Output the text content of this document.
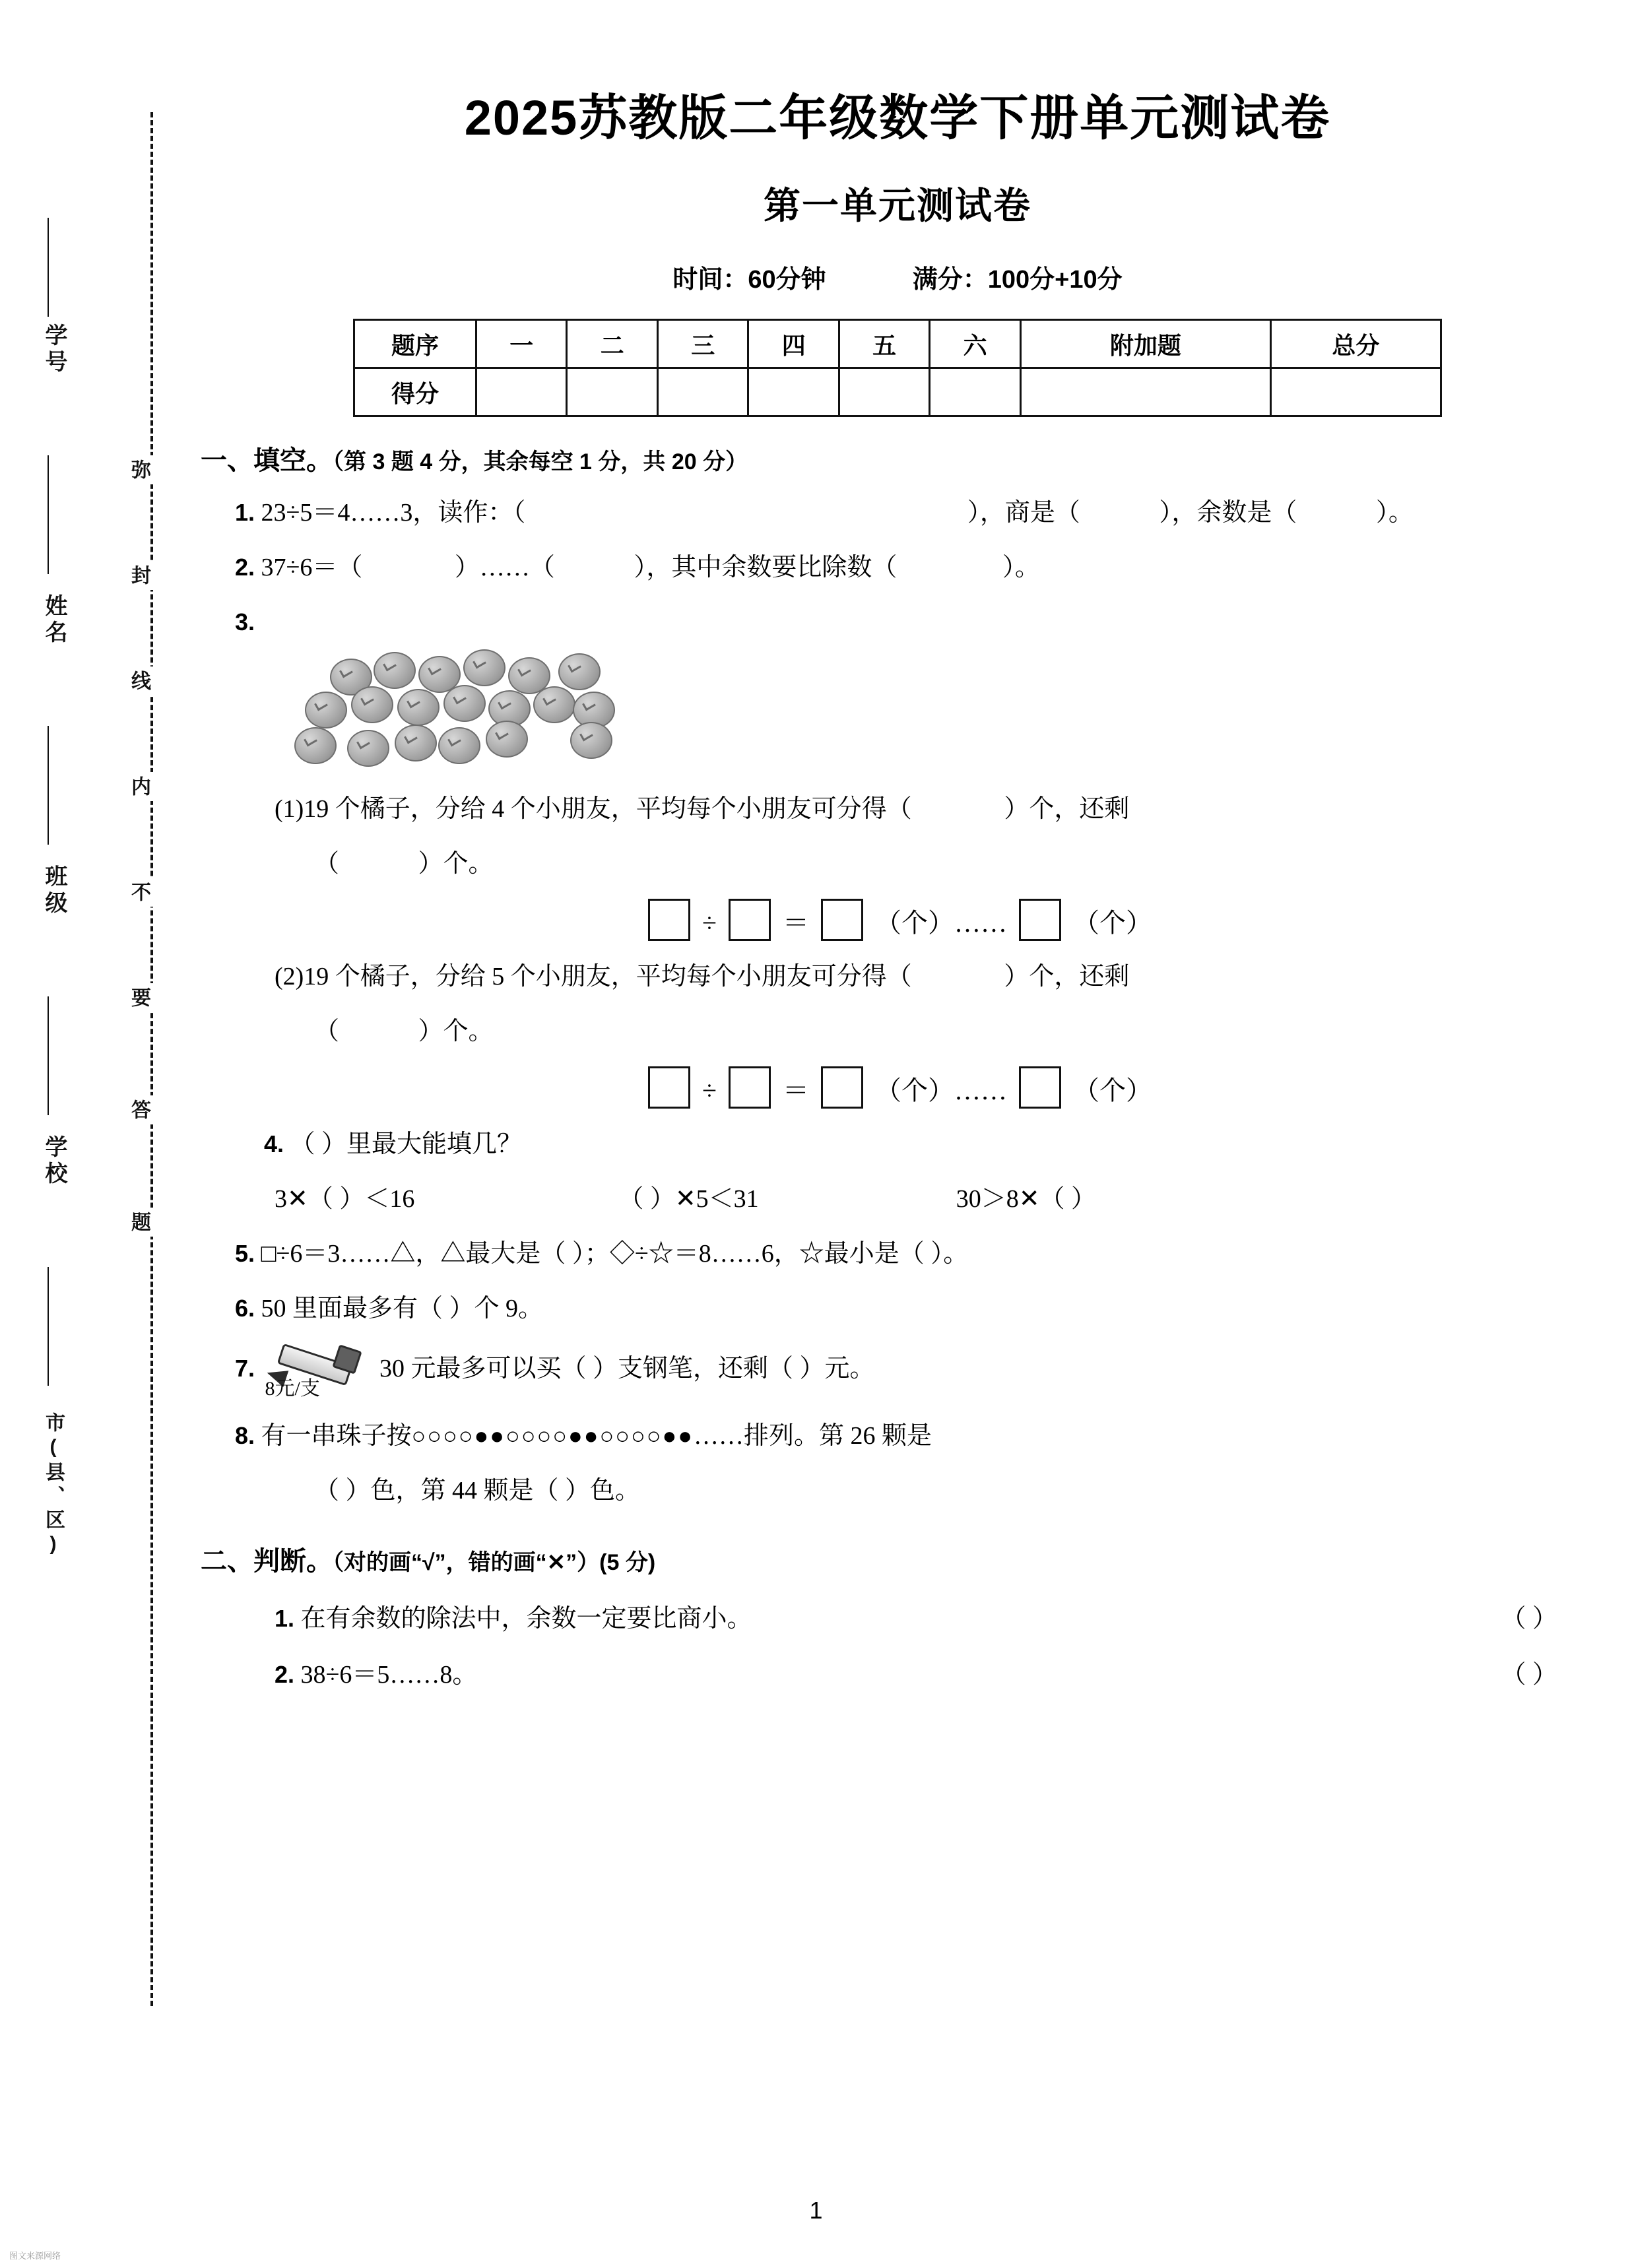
学号
姓名
班级
学校
市(县、区)
弥
封
线
内
不
要
答
题
2025苏教版二年级数学下册单元测试卷
第一单元测试卷
时间：60分钟	满分：100分+10分
题序	一	二	三	四	五	六	附加题	总分
得分								
一、填空。（第 3 题 4 分，其余每空 1 分，共 20 分）
1. 23÷5＝4……3，读作：（	），商是（	），余数是（	）。
2. 37÷6＝（	）……（	），其中余数要比除数（	）。
3.
(1)19 个橘子，分给 4 个小朋友，平均每个小朋友可分得（	）个，还剩
（	）个。
÷	＝	（个）……	（个）
(2)19 个橘子，分给 5 个小朋友，平均每个小朋友可分得（	）个，还剩
（	）个。
÷	＝	（个）……	（个）
4. （ ）里最大能填几？
3✕（ ）＜16	（ ）✕5＜31	30＞8✕（ ）
5. □÷6＝3……△，△最大是（ ）；◇÷☆＝8……6，☆最小是（ ）。
6. 50 里面最多有（ ）个 9。
7.
8元/支
30 元最多可以买（ ）支钢笔，还剩（ ）元。
8. 有一串珠子按○○○○●●○○○○●●○○○○●●……排列。第 26 颗是
（ ）色，第 44 颗是（ ）色。
二、判断。（对的画“√”，错的画“✕”）(5 分)
（ ）
1. 在有余数的除法中，余数一定要比商小。
（ ）
2. 38÷6＝5……8。
1
图文来源网络
